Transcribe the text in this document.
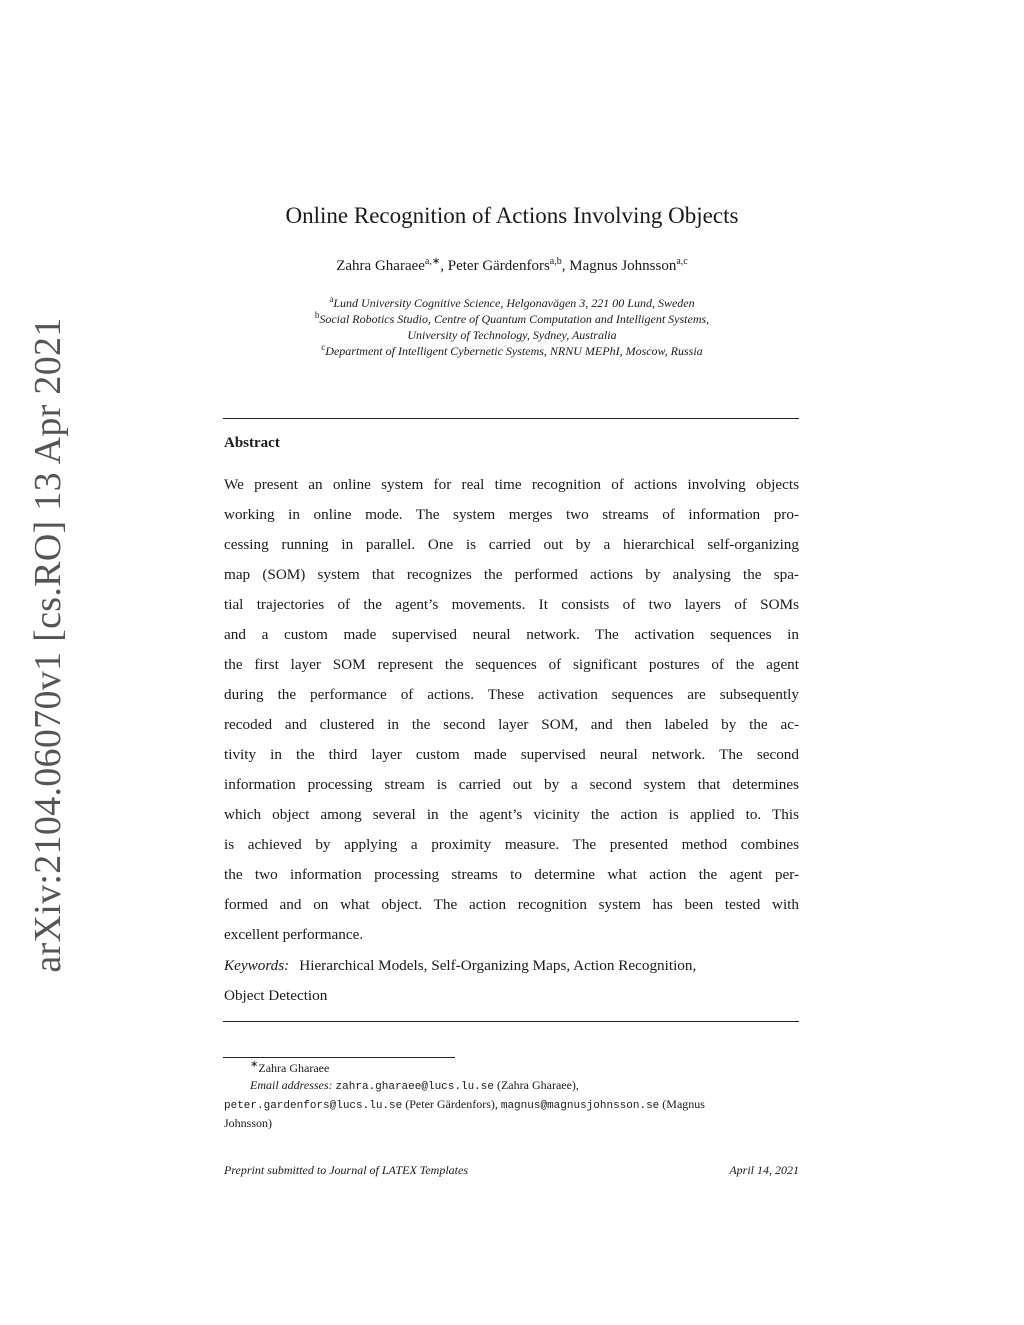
arXiv:2104.06070v1 [cs.RO] 13 Apr 2021
Online Recognition of Actions Involving Objects
Zahra Gharaee$^{a,∗}$, Peter Gärdenfors$^{a,b}$, Magnus Johnsson$^{a,c}$
$^a$Lund University Cognitive Science, Helgonavägen 3, 221 00 Lund, Sweden
$^b$Social Robotics Studio, Centre of Quantum Computation and Intelligent Systems,
University of Technology, Sydney, Australia
$^c$Department of Intelligent Cybernetic Systems, NRNU MEPhI, Moscow, Russia
Abstract
We present an online system for real time recognition of actions involving objects
working in online mode. The system merges two streams of information pro-
cessing running in parallel. One is carried out by a hierarchical self-organizing
map (SOM) system that recognizes the performed actions by analysing the spa-
tial trajectories of the agent’s movements. It consists of two layers of SOMs
and a custom made supervised neural network. The activation sequences in
the first layer SOM represent the sequences of significant postures of the agent
during the performance of actions. These activation sequences are subsequently
recoded and clustered in the second layer SOM, and then labeled by the ac-
tivity in the third layer custom made supervised neural network. The second
information processing stream is carried out by a second system that determines
which object among several in the agent’s vicinity the action is applied to. This
is achieved by applying a proximity measure. The presented method combines
the two information processing streams to determine what action the agent per-
formed and on what object. The action recognition system has been tested with
excellent performance.
Keywords: Hierarchical Models, Self-Organizing Maps, Action Recognition,
Object Detection
∗Zahra Gharaee
Email addresses: zahra.gharaee@lucs.lu.se (Zahra Gharaee),
peter.gardenfors@lucs.lu.se (Peter Gärdenfors), magnus@magnusjohnsson.se (Magnus
Johnsson)
Preprint submitted to Journal of LATEX Templates	April 14, 2021
